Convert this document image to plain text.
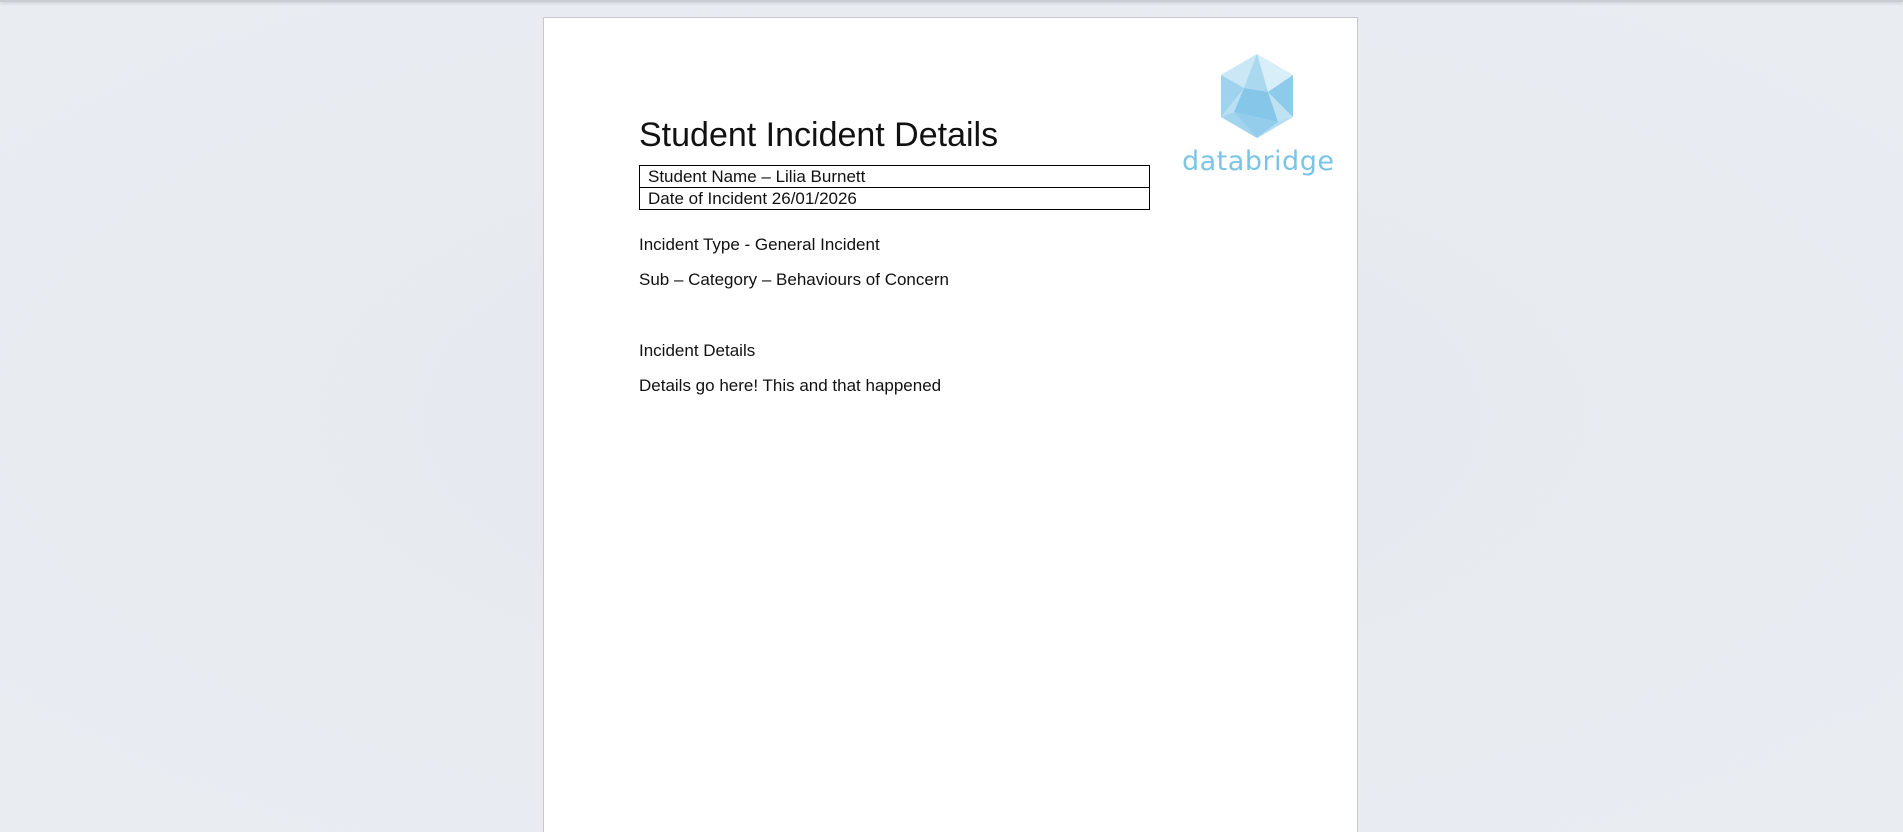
databridge
Student Incident Details
Student Name – Lilia Burnett
Date of Incident 26/01/2026

Incident Type - General Incident

Sub – Category – Behaviours of Concern

Incident Details

Details go here! This and that happened
